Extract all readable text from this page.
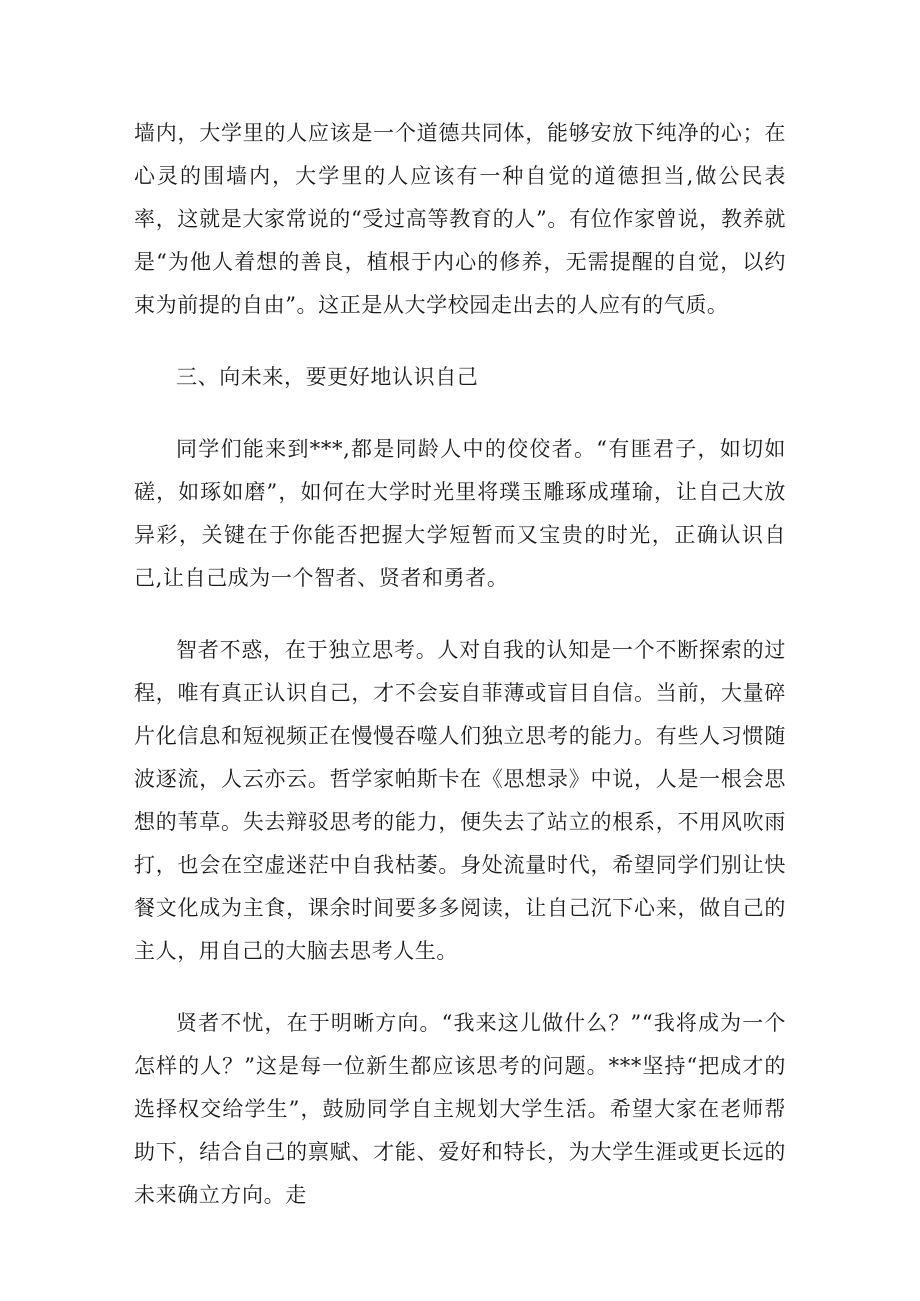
墙内，大学里的人应该是一个道德共同体，能够安放下纯净的心；在心灵的围墙内，大学里的人应该有一种自觉的道德担当,做公民表率，这就是大家常说的“受过高等教育的人”。有位作家曾说，教养就是“为他人着想的善良，植根于内心的修养，无需提醒的自觉，以约束为前提的自由”。这正是从大学校园走出去的人应有的气质。

三、向未来，要更好地认识自己

同学们能来到***,都是同龄人中的佼佼者。“有匪君子，如切如磋，如琢如磨”，如何在大学时光里将璞玉雕琢成瑾瑜，让自己大放异彩，关键在于你能否把握大学短暂而又宝贵的时光，正确认识自己,让自己成为一个智者、贤者和勇者。

智者不惑，在于独立思考。人对自我的认知是一个不断探索的过程，唯有真正认识自己，才不会妄自菲薄或盲目自信。当前，大量碎片化信息和短视频正在慢慢吞噬人们独立思考的能力。有些人习惯随波逐流，人云亦云。哲学家帕斯卡在《思想录》中说，人是一根会思想的苇草。失去辩驳思考的能力，便失去了站立的根系，不用风吹雨打，也会在空虚迷茫中自我枯萎。身处流量时代，希望同学们别让快餐文化成为主食，课余时间要多多阅读，让自己沉下心来，做自己的主人，用自己的大脑去思考人生。

贤者不忧，在于明晰方向。“我来这儿做什么？”“我将成为一个怎样的人？”这是每一位新生都应该思考的问题。***坚持“把成才的选择权交给学生”，鼓励同学自主规划大学生活。希望大家在老师帮助下，结合自己的禀赋、才能、爱好和特长，为大学生涯或更长远的未来确立方向。走
